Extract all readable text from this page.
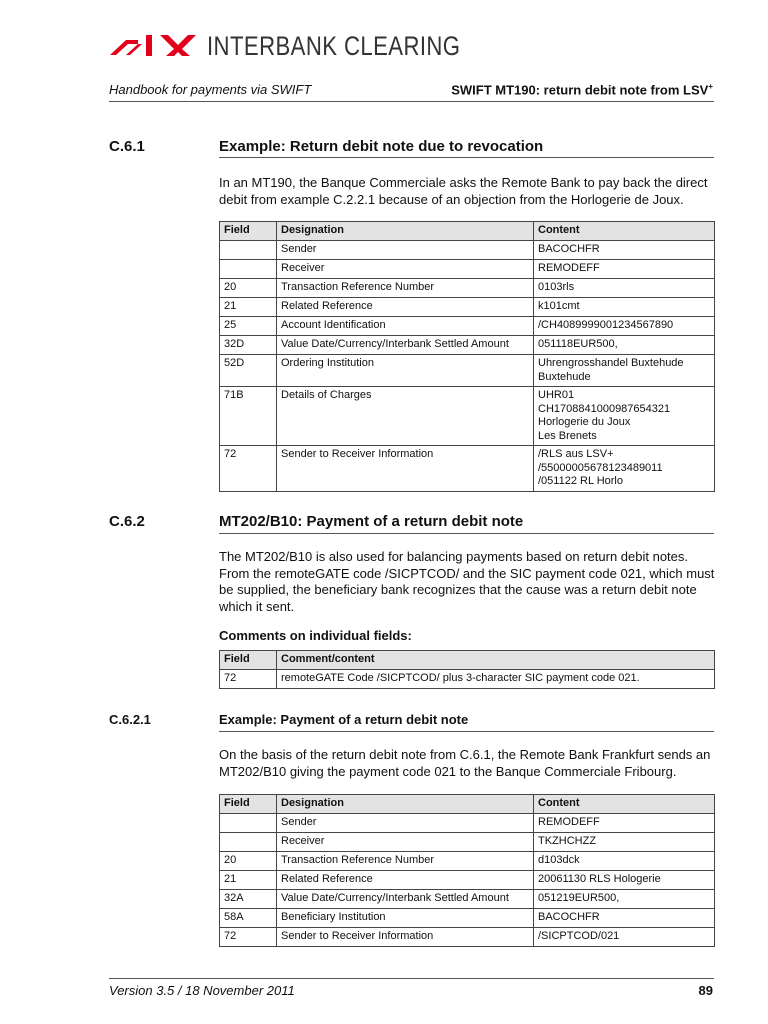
INTERBANK CLEARING
Handbook for payments via SWIFT	SWIFT MT190: return debit note from LSV+
C.6.1	Example: Return debit note due to revocation
In an MT190, the Banque Commerciale asks the Remote Bank to pay back the direct debit from example C.2.2.1 because of an objection from the Horlogerie de Joux.
Field	Designation	Content
	Sender	BACOCHFR
	Receiver	REMODEFF
20	Transaction Reference Number	0103rls
21	Related Reference	k101cmt
25	Account Identification	/CH4089999001234567890
32D	Value Date/Currency/Interbank Settled Amount	051118EUR500,
52D	Ordering Institution	Uhrengrosshandel Buxtehude
Buxtehude
71B	Details of Charges	UHR01
CH1708841000987654321
Horlogerie du Joux
Les Brenets
72	Sender to Receiver Information	/RLS aus LSV+
/55000005678123489011
/051122 RL Horlo
C.6.2	MT202/B10: Payment of a return debit note
The MT202/B10 is also used for balancing payments based on return debit notes. From the remoteGATE code /SICPTCOD/ and the SIC payment code 021, which must be supplied, the beneficiary bank recognizes that the cause was a return debit note which it sent.
Comments on individual fields:
Field	Comment/content
72	remoteGATE Code /SICPTCOD/ plus 3-character SIC payment code 021.
C.6.2.1	Example: Payment of a return debit note
On the basis of the return debit note from C.6.1, the Remote Bank Frankfurt sends an MT202/B10 giving the payment code 021 to the Banque Commerciale Fribourg.
Field	Designation	Content
	Sender	REMODEFF
	Receiver	TKZHCHZZ
20	Transaction Reference Number	d103dck
21	Related Reference	20061130 RLS Hologerie
32A	Value Date/Currency/Interbank Settled Amount	051219EUR500,
58A	Beneficiary Institution	BACOCHFR
72	Sender to Receiver Information	/SICPTCOD/021
Version 3.5 / 18 November 2011	89
